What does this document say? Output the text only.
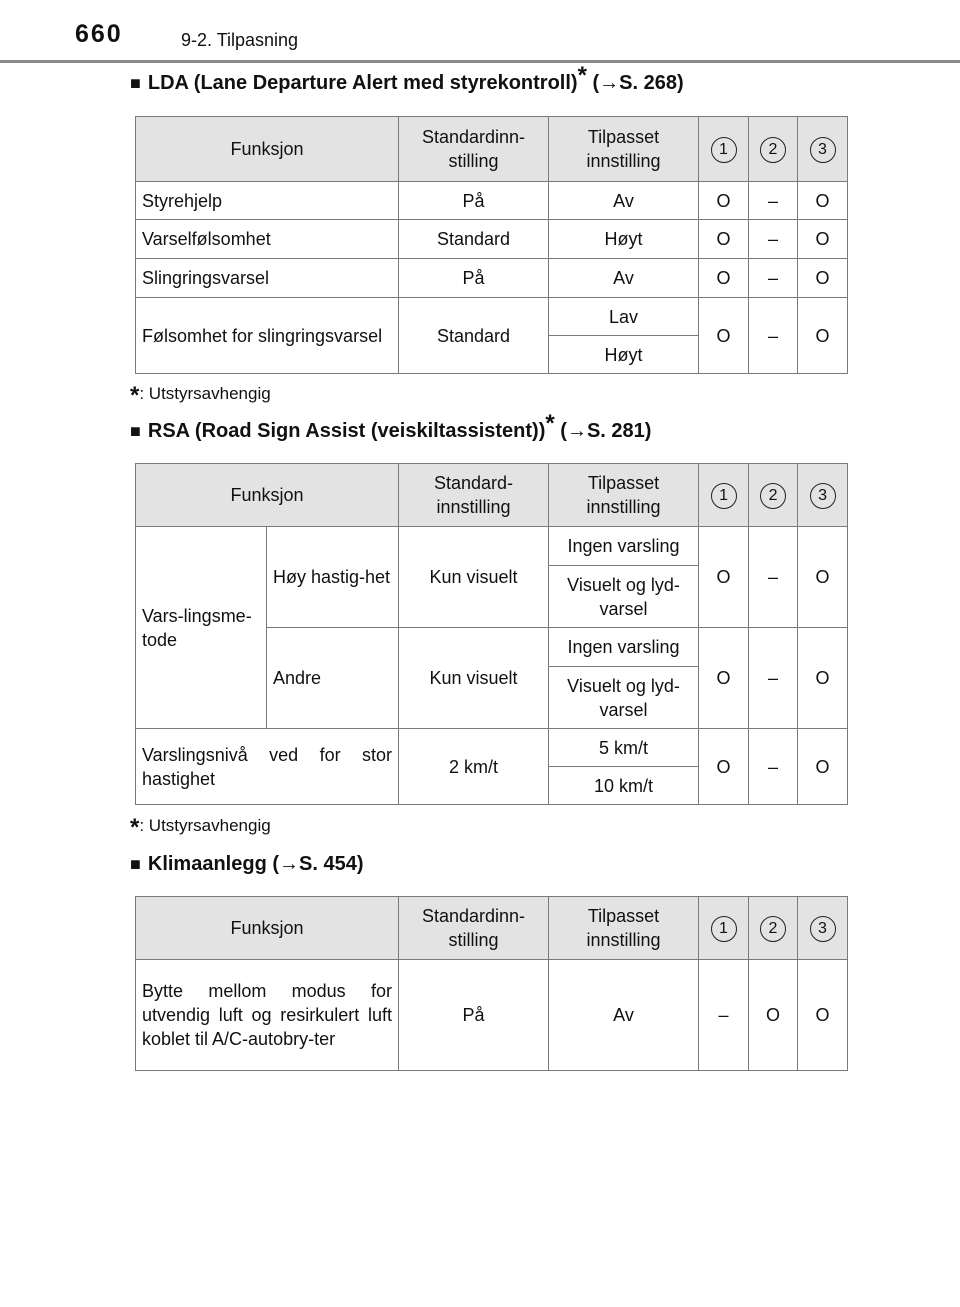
660	9-2. Tilpasning
■ LDA (Lane Departure Alert med styrekontroll)* (→S. 268)
Funksjon	Standardinn-stilling	Tilpasset innstilling	1	2	3
Styrehjelp	På	Av	O	–	O
Varselfølsomhet	Standard	Høyt	O	–	O
Slingringsvarsel	På	Av	O	–	O
Følsomhet for slingringsvarsel	Standard	Lav	O	–	O
		Høyt			
*: Utstyrsavhengig
■ RSA (Road Sign Assist (veiskiltassistent))* (→S. 281)
Funksjon		Standard-innstilling	Tilpasset innstilling	1	2	3
Vars-lingsme-tode	Høy hastig-het	Kun visuelt	Ingen varsling	O	–	O
			Visuelt og lyd-varsel			
	Andre	Kun visuelt	Ingen varsling	O	–	O
			Visuelt og lyd-varsel			
Varslingsnivå ved for stor hastighet		2 km/t	5 km/t	O	–	O
			10 km/t			
*: Utstyrsavhengig
■ Klimaanlegg (→S. 454)
Funksjon	Standardinn-stilling	Tilpasset innstilling	1	2	3
Bytte mellom modus for utvendig luft og resirkulert luft koblet til A/C-autobry-ter	På	Av	–	O	O
